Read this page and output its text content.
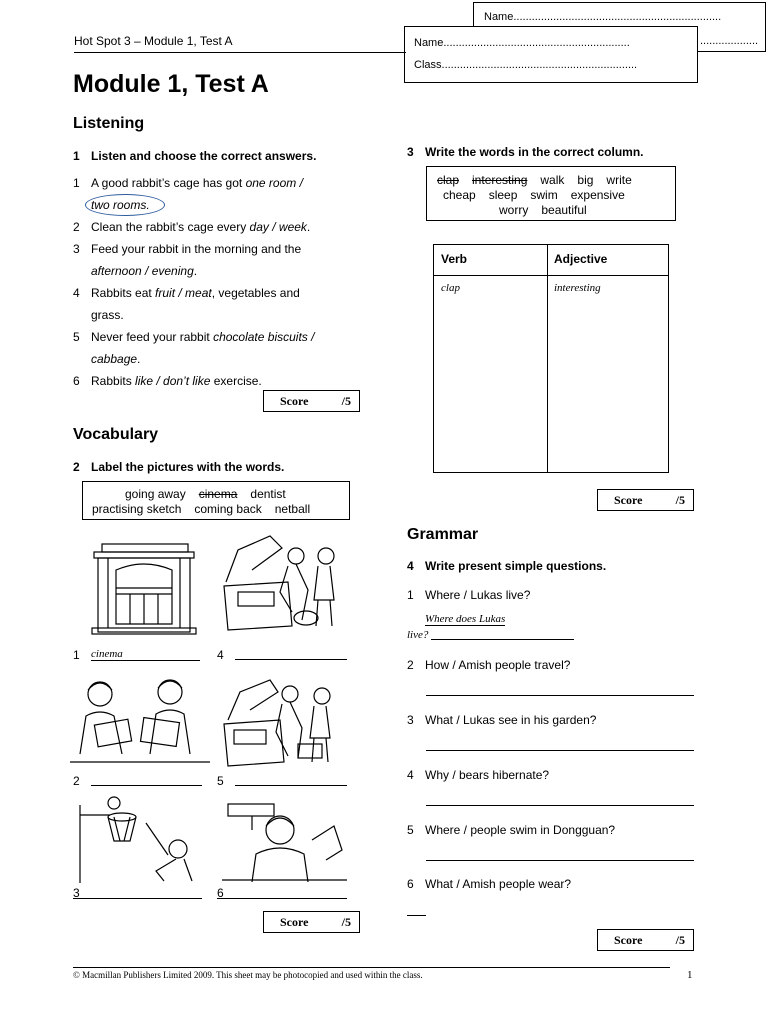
Name....................................................................
...................
Name.............................................................
Class................................................................
Hot Spot 3 – Module 1, Test A
Module 1, Test A
Listening
1 Listen and choose the correct answers.
1 A good rabbit’s cage has got one room /
two rooms.
2 Clean the rabbit’s cage every day / week.
3 Feed your rabbit in the morning and the
afternoon / evening.
4 Rabbits eat fruit / meat, vegetables and
grass.
5 Never feed your rabbit chocolate biscuits /
cabbage.
6 Rabbits like / don’t like exercise.
Score	/5
Vocabulary
2 Label the pictures with the words.
going away cinema dentist
practising sketch coming back netball
1	cinema	4
2	5
3	6
Score	/5
3 Write the words in the correct column.
clap interesting walk big write
cheap sleep swim expensive
worry beautiful
Verb	Adjective
clap	interesting
Score	/5
Grammar
4 Write present simple questions.
1 Where / Lukas live?
Where does Lukas
live?
2 How / Amish people travel?
3 What / Lukas see in his garden?
4 Why / bears hibernate?
5 Where / people swim in Dongguan?
6 What / Amish people wear?
Score	/5
© Macmillan Publishers Limited 2009. This sheet may be photocopied and used within the class.	1
